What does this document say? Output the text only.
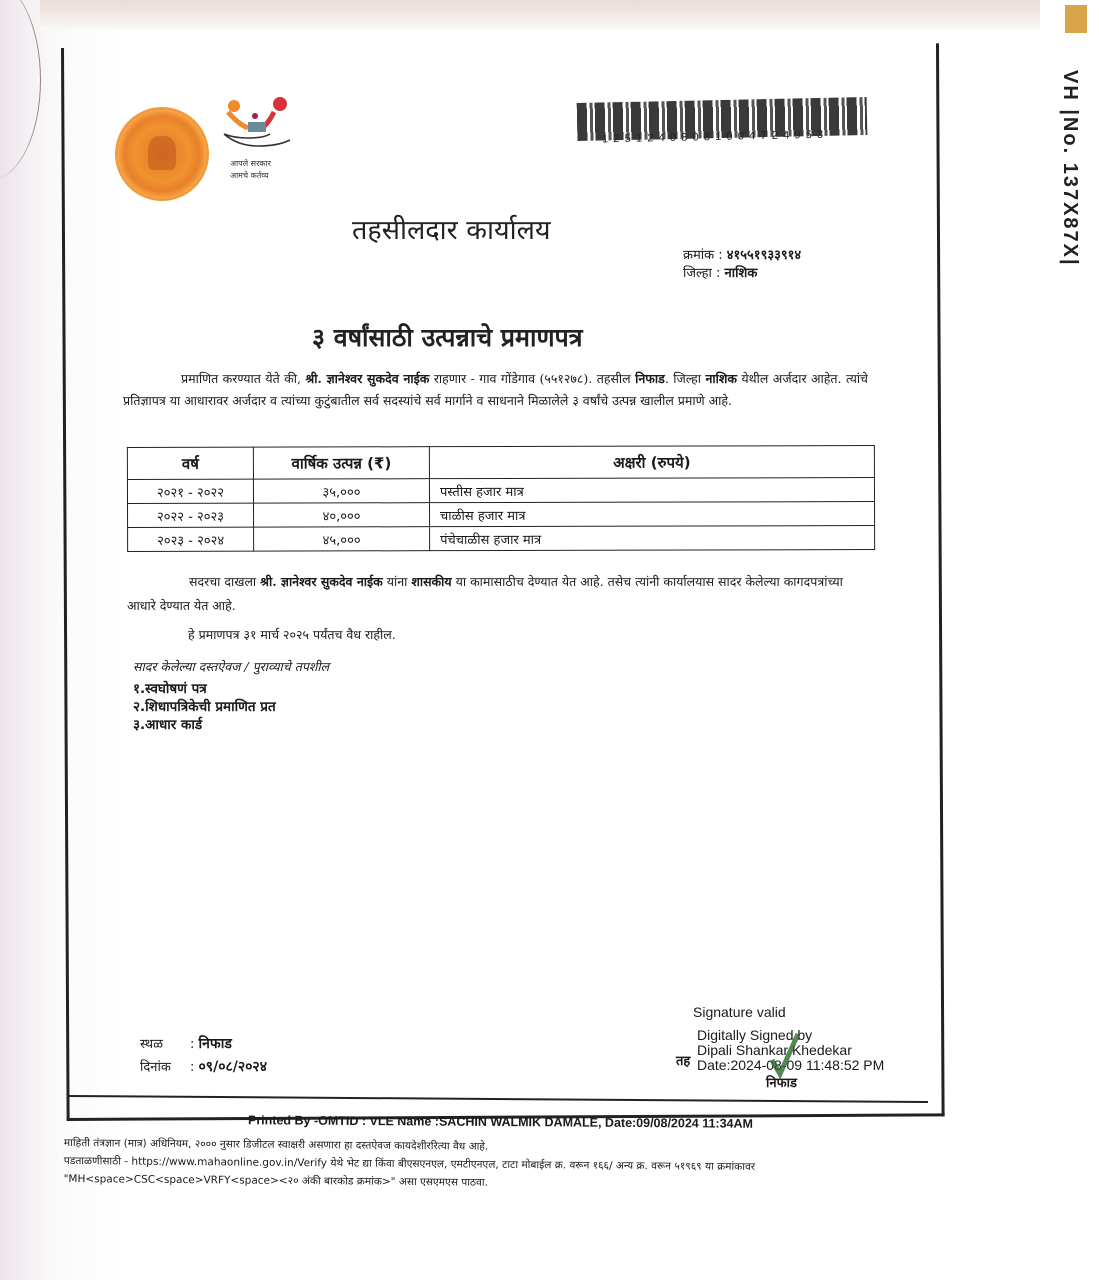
VH |No. 137X87X|
आपले सरकार
आमचे कर्तव्य
12512408081004724953
तहसीलदार कार्यालय
क्रमांक : ४१५५१९३३९१४
जिल्हा : नाशिक
३ वर्षांसाठी उत्पन्नाचे प्रमाणपत्र
प्रमाणित करण्यात येते की, श्री. ज्ञानेश्वर सुकदेव नाईक राहणार - गाव गोंडेगाव (५५१२७८). तहसील निफाड. जिल्हा नाशिक येथील अर्जदार आहेत. त्यांचे प्रतिज्ञापत्र या आधारावर अर्जदार व त्यांच्या कुटुंबातील सर्व सदस्यांचे सर्व मार्गाने व साधनाने मिळालेले ३ वर्षांचे उत्पन्न खालील प्रमाणे आहे.
वर्ष	वार्षिक उत्पन्न (₹)	अक्षरी (रुपये)
२०२१ - २०२२	३५,०००	पस्तीस हजार मात्र
२०२२ - २०२३	४०,०००	चाळीस हजार मात्र
२०२३ - २०२४	४५,०००	पंचेचाळीस हजार मात्र
सदरचा दाखला श्री. ज्ञानेश्वर सुकदेव नाईक यांना शासकीय या कामासाठीच देण्यात येत आहे. तसेच त्यांनी कार्यालयास सादर केलेल्या कागदपत्रांच्या आधारे देण्यात येत आहे.
हे प्रमाणपत्र ३१ मार्च २०२५ पर्यंतच वैध राहील.
सादर केलेल्या दस्तऐवज / पुराव्याचे तपशील
१.स्वघोषणं पत्र
२.शिधापत्रिकेची प्रमाणित प्रत
३.आधार कार्ड
स्थळ : निफाड
दिनांक : ०९/०८/२०२४
Signature valid
Digitally Signed by
Dipali Shankar Khedekar
Date:2024-08-09 11:48:52 PM
तह
निफाड
Printed By -OMTID : VLE Name :SACHIN WALMIK DAMALE, Date:09/08/2024 11:34AM
माहिती तंत्रज्ञान (मात्र) अधिनियम, २००० नुसार डिजीटल स्वाक्षरी असणारा हा दस्तऐवज कायदेशीररित्या वैध आहे.
पडताळणीसाठी - https://www.mahaonline.gov.in/Verify येथे भेट द्या किंवा बीएसएनएल, एमटीएनएल, टाटा मोबाईल क्र. वरून १६६/ अन्य क्र. वरून ५१९६९ या क्रमांकावर
"MH<space>CSC<space>VRFY<space><२० अंकी बारकोड क्रमांक>" असा एसएमएस पाठवा.
